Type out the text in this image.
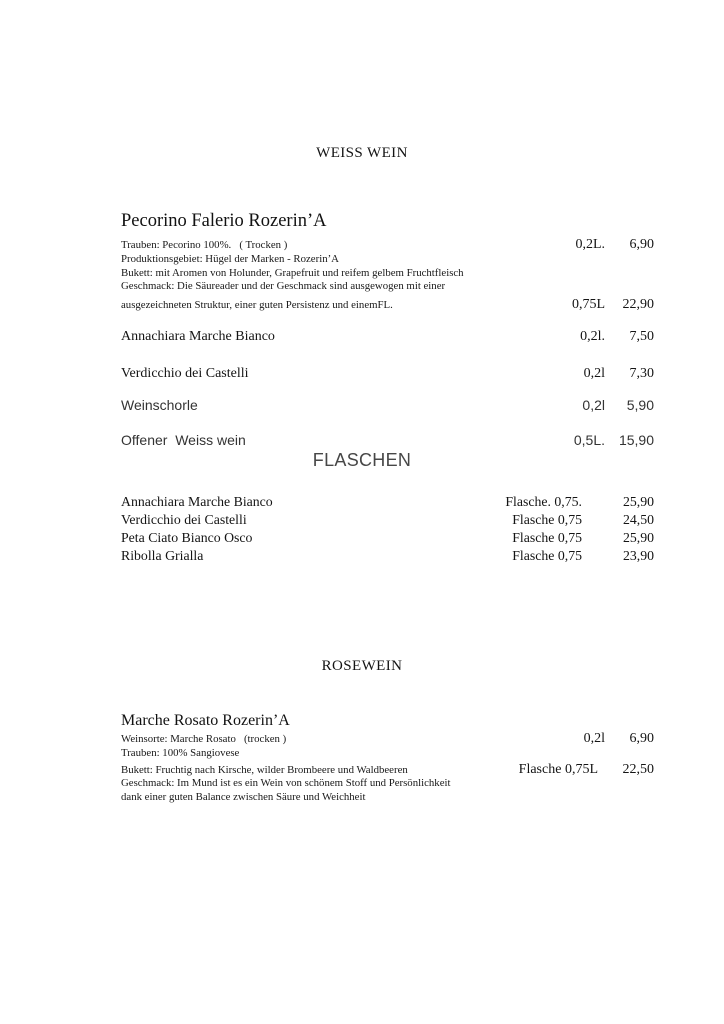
WEISS WEIN
Pecorino Falerio Rozerin’A
Trauben: Pecorino 100%.   ( Trocken )
Produktionsgebiet: Hügel der Marken - Rozerin’A
Bukett: mit Aromen von Holunder, Grapefruit und reifem gelbem Fruchtfleisch
Geschmack: Die Säureader und der Geschmack sind ausgewogen mit einer
ausgezeichneten Struktur, einer guten Persistenz und einemFL.
0,2L.	6,90
0,75L	22,90
Annachiara Marche Bianco	0,2l.	7,50
Verdicchio dei Castelli	0,2l	7,30
Weinschorle	0,2l	5,90
Offener  Weiss wein	0,5L. 15,90
FLASCHEN
Annachiara Marche Bianco	Flasche. 0,75.	25,90
Verdicchio dei Castelli	Flasche 0,75	24,50
Peta Ciato Bianco Osco	Flasche 0,75	25,90
Ribolla Grialla	Flasche 0,75	23,90
ROSEWEIN
Marche Rosato Rozerin’A
Weinsorte: Marche Rosato   (trocken )
Trauben: 100% Sangiovese
Bukett: Fruchtig nach Kirsche, wilder Brombeere und Waldbeeren
Geschmack: Im Mund ist es ein Wein von schönem Stoff und Persönlichkeit
dank einer guten Balance zwischen Säure und Weichheit
0,2l	6,90
Flasche 0,75L	22,50
